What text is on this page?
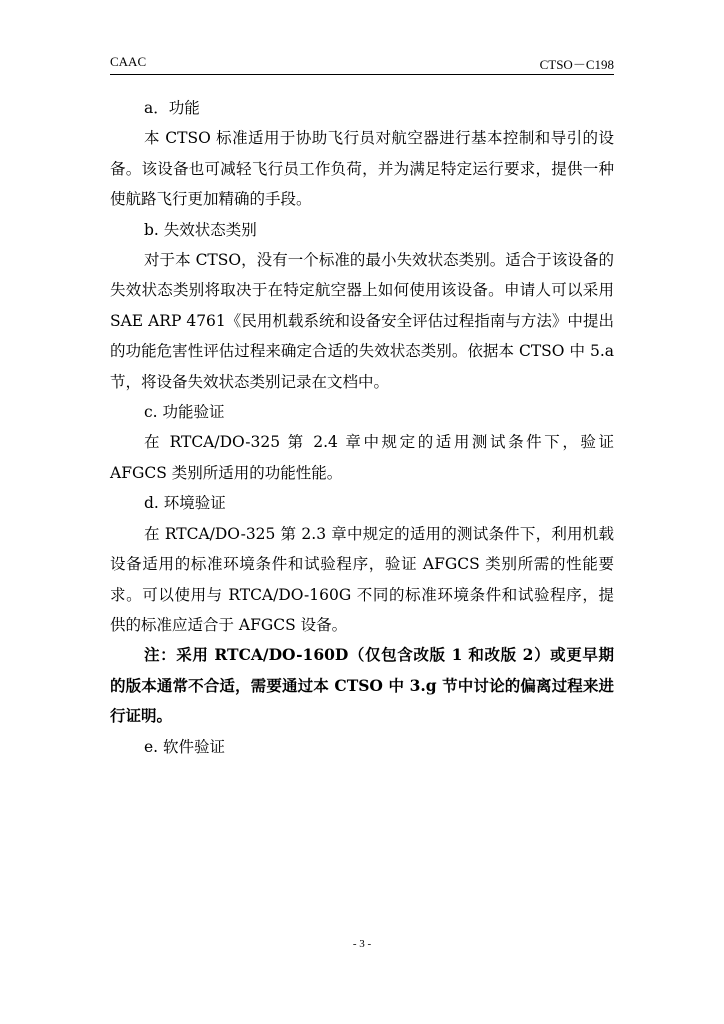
CAAC	CTSO－C198

a．功能

本 CTSO 标准适用于协助飞行员对航空器进行基本控制和导引的设备。该设备也可减轻飞行员工作负荷，并为满足特定运行要求，提供一种使航路飞行更加精确的手段。

b. 失效状态类别

对于本 CTSO，没有一个标准的最小失效状态类别。适合于该设备的失效状态类别将取决于在特定航空器上如何使用该设备。申请人可以采用 SAE ARP 4761《民用机载系统和设备安全评估过程指南与方法》中提出的功能危害性评估过程来确定合适的失效状态类别。依据本 CTSO 中 5.a 节，将设备失效状态类别记录在文档中。

c. 功能验证

在 RTCA/DO-325 第 2.4 章中规定的适用测试条件下，验证 AFGCS 类别所适用的功能性能。

d. 环境验证

在 RTCA/DO-325 第 2.3 章中规定的适用的测试条件下，利用机载设备适用的标准环境条件和试验程序，验证 AFGCS 类别所需的性能要求。可以使用与 RTCA/DO-160G 不同的标准环境条件和试验程序，提供的标准应适合于 AFGCS 设备。

注：采用 RTCA/DO-160D（仅包含改版 1 和改版 2）或更早期的版本通常不合适，需要通过本 CTSO 中 3.g 节中讨论的偏离过程来进行证明。

e. 软件验证

- 3 -
